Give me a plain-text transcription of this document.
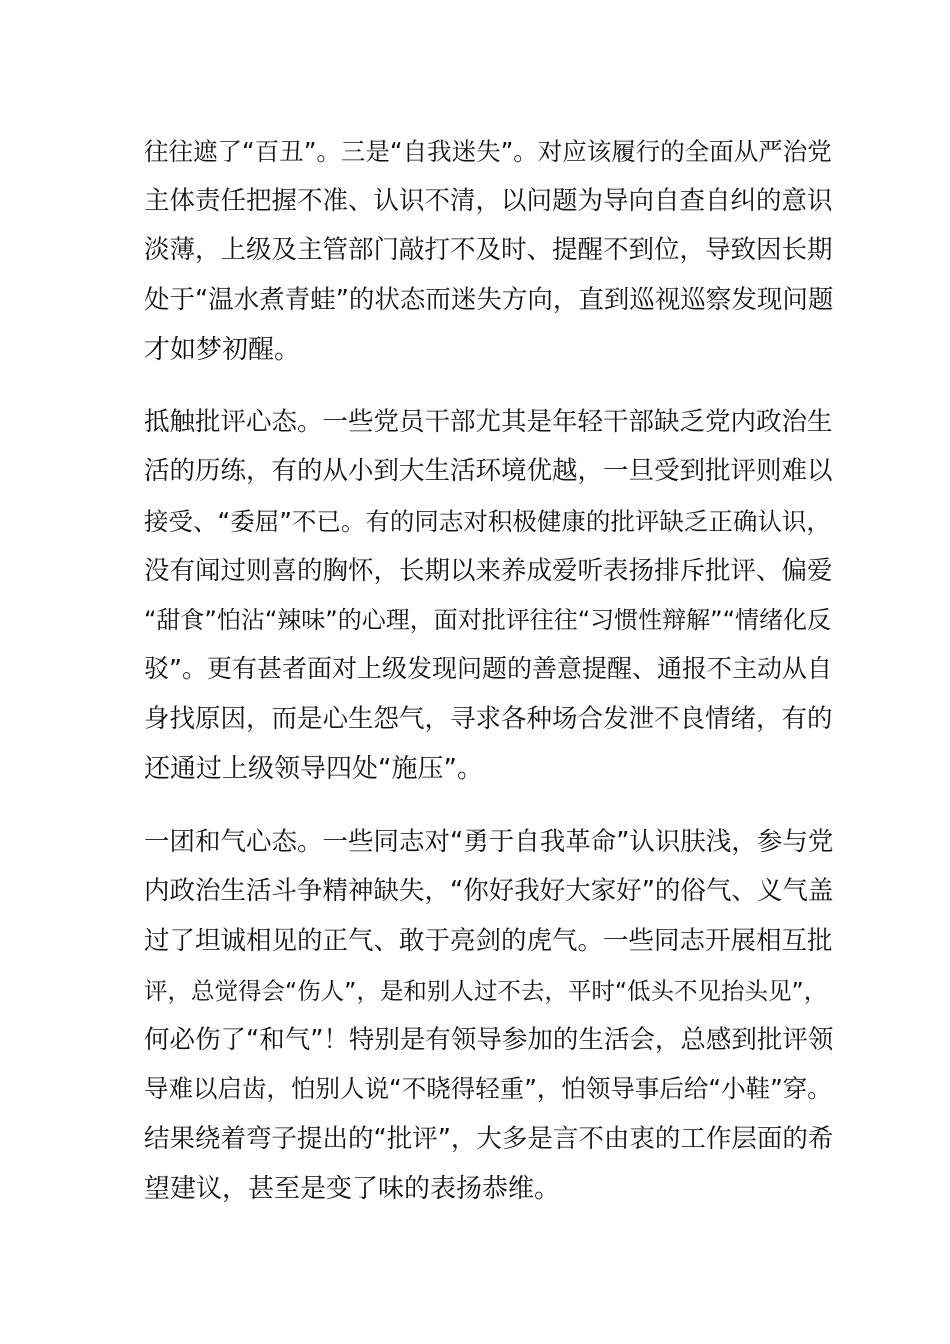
往往遮了“百丑”。三是“自我迷失”。对应该履行的全面从严治党
主体责任把握不准、认识不清，以问题为导向自查自纠的意识
淡薄，上级及主管部门敲打不及时、提醒不到位，导致因长期
处于“温水煮青蛙”的状态而迷失方向，直到巡视巡察发现问题
才如梦初醒。
抵触批评心态。一些党员干部尤其是年轻干部缺乏党内政治生
活的历练，有的从小到大生活环境优越，一旦受到批评则难以
接受、“委屈”不已。有的同志对积极健康的批评缺乏正确认识，
没有闻过则喜的胸怀，长期以来养成爱听表扬排斥批评、偏爱
“甜食”怕沾“辣味”的心理，面对批评往往“习惯性辩解”“情绪化反
驳”。更有甚者面对上级发现问题的善意提醒、通报不主动从自
身找原因，而是心生怨气，寻求各种场合发泄不良情绪，有的
还通过上级领导四处“施压”。
一团和气心态。一些同志对“勇于自我革命”认识肤浅，参与党
内政治生活斗争精神缺失，“你好我好大家好”的俗气、义气盖
过了坦诚相见的正气、敢于亮剑的虎气。一些同志开展相互批
评，总觉得会“伤人”，是和别人过不去，平时“低头不见抬头见”，
何必伤了“和气”！特别是有领导参加的生活会，总感到批评领
导难以启齿，怕别人说“不晓得轻重”，怕领导事后给“小鞋”穿。
结果绕着弯子提出的“批评”，大多是言不由衷的工作层面的希
望建议，甚至是变了味的表扬恭维。
